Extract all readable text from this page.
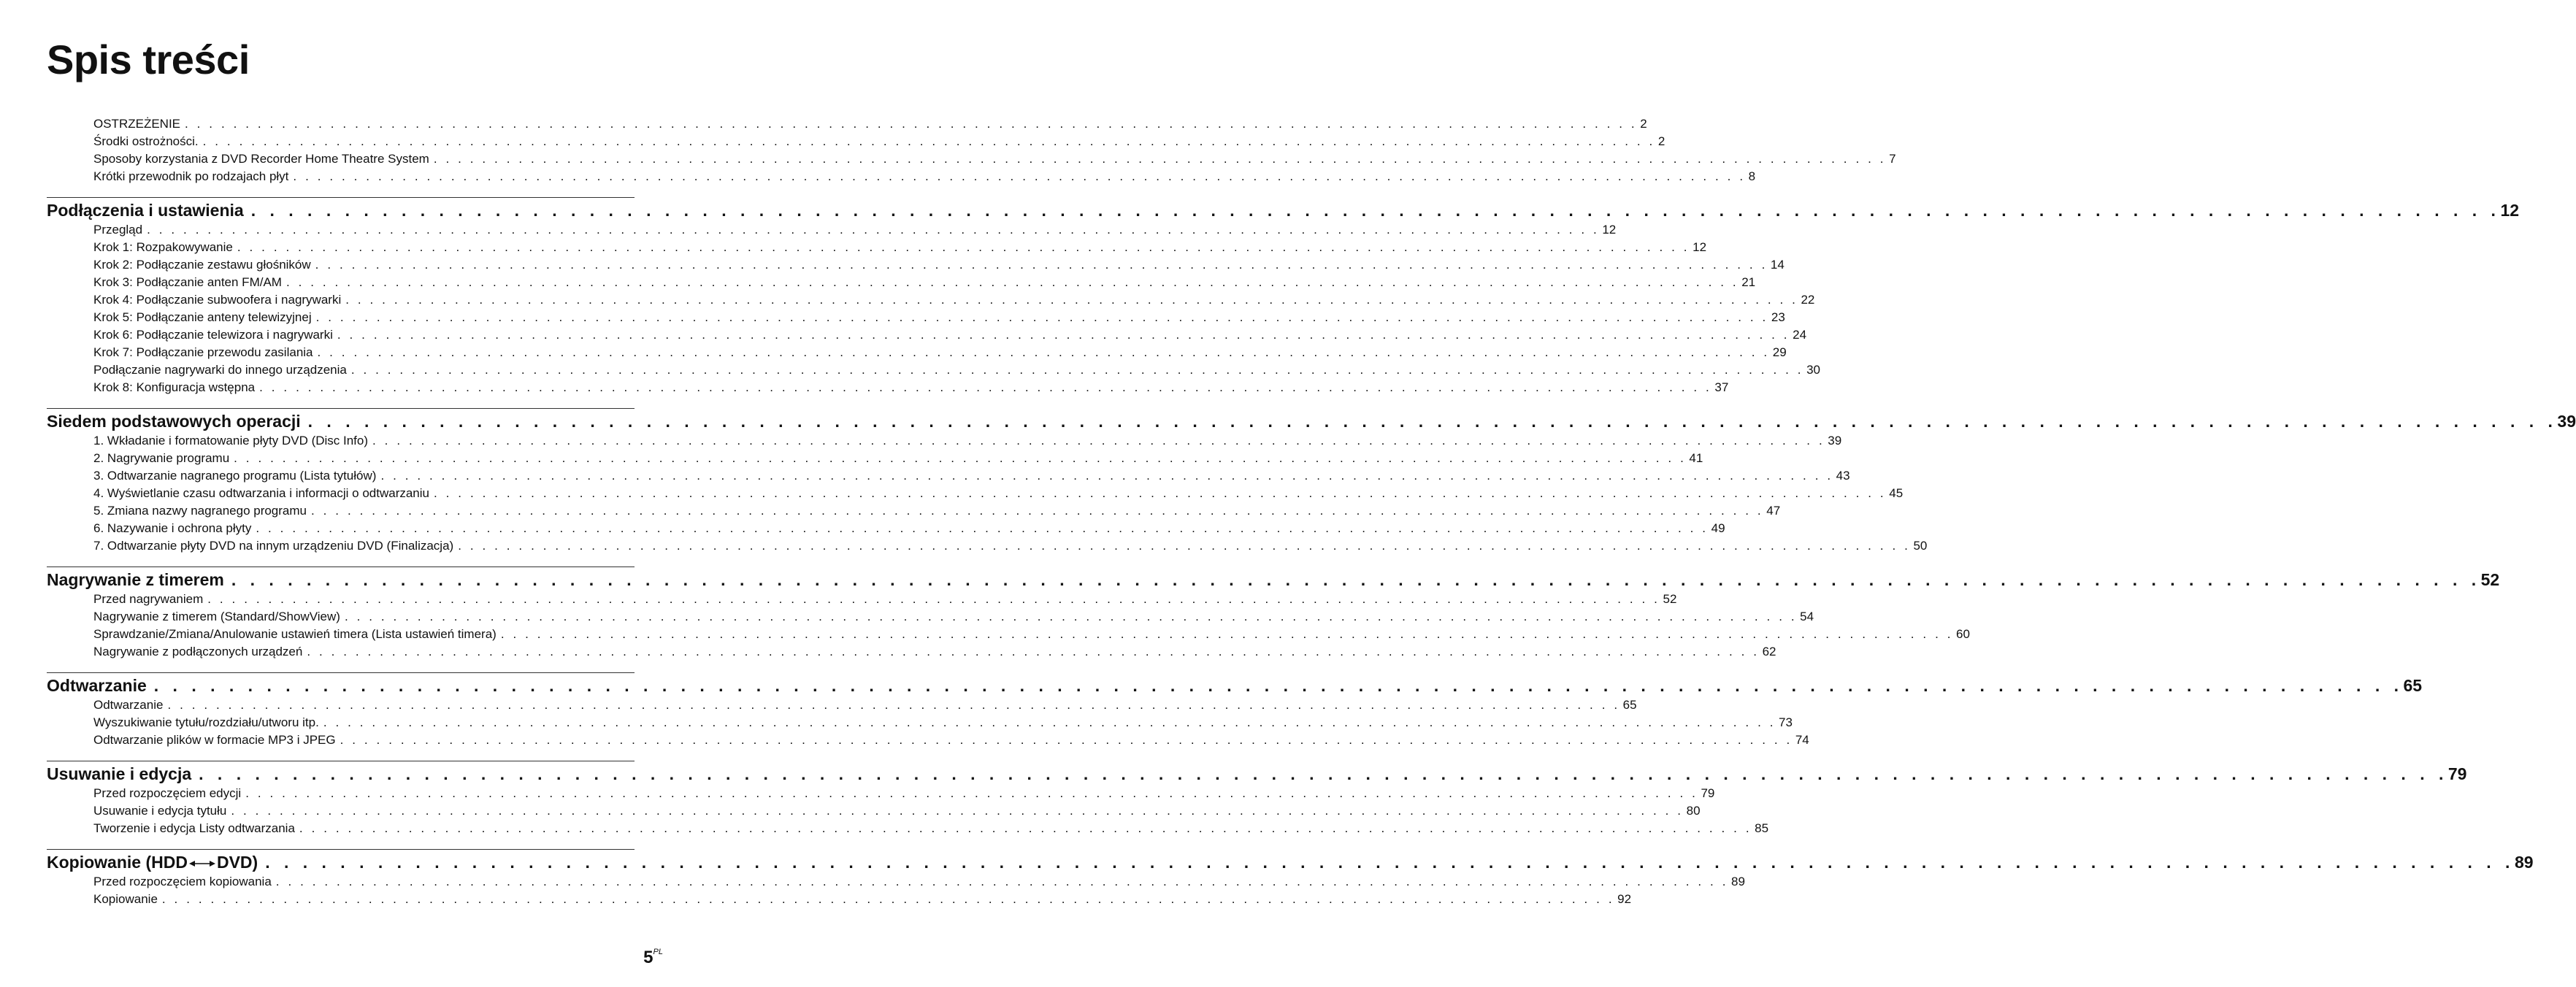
Spis treści
OSTRZEŻENIE . . . . . . . . . . . . . . . . . . . . . . . . . . . . . . . . . . . . . . . . . . . . . . . . . . . . . . . . . . . . . . . . . . . . . . . . . . . . . . . . . . . . . . . . . . . . . . . . . . . . . . . . . . . . . . . . . . . . . . . . 2
Środki ostrożności. . . . . . . . . . . . . . . . . . . . . . . . . . . . . . . . . . . . . . . . . . . . . . . . . . . . . . . . . . . . . . . . . . . . . . . . . . . . . . . . . . . . . . . . . . . . . . . . . . . . . . . . . . . . . . . . . . . . . . . . . 2
Sposoby korzystania z DVD Recorder Home Theatre System . . . . . . . . . . . . . . . . . . . . . . . . . . . . . . . . . . . . . . . . . . . . . . . . . . . . . . . . . . . . . . . . . . . . . . . . . . . . . . . . . . . . . . . . . . . . . . . . . . . . . . . . . . . . . . . . . . . . . . . . 7
Krótki przewodnik po rodzajach płyt . . . . . . . . . . . . . . . . . . . . . . . . . . . . . . . . . . . . . . . . . . . . . . . . . . . . . . . . . . . . . . . . . . . . . . . . . . . . . . . . . . . . . . . . . . . . . . . . . . . . . . . . . . . . . . . . . . . . . . . . 8
Podłączenia i ustawienia . . . . . . . . . . . . . . . . . . . . . . . . . . . . . . . . . . . . . . . . . . . . . . . . . . . . . . . . . . . . . . . . . . . . . . . . . . . . . . . . . . . . . . . . . . . . . . . . . . . . . . . . . . . . . . . . . . . . . . . . 12
Przegląd . . . . . . . . . . . . . . . . . . . . . . . . . . . . . . . . . . . . . . . . . . . . . . . . . . . . . . . . . . . . . . . . . . . . . . . . . . . . . . . . . . . . . . . . . . . . . . . . . . . . . . . . . . . . . . . . . . . . . . . . 12
Krok 1: Rozpakowywanie . . . . . . . . . . . . . . . . . . . . . . . . . . . . . . . . . . . . . . . . . . . . . . . . . . . . . . . . . . . . . . . . . . . . . . . . . . . . . . . . . . . . . . . . . . . . . . . . . . . . . . . . . . . . . . . . . . . . . . . . 12
Krok 2: Podłączanie zestawu głośników . . . . . . . . . . . . . . . . . . . . . . . . . . . . . . . . . . . . . . . . . . . . . . . . . . . . . . . . . . . . . . . . . . . . . . . . . . . . . . . . . . . . . . . . . . . . . . . . . . . . . . . . . . . . . . . . . . . . . . . . 14
Krok 3: Podłączanie anten FM/AM . . . . . . . . . . . . . . . . . . . . . . . . . . . . . . . . . . . . . . . . . . . . . . . . . . . . . . . . . . . . . . . . . . . . . . . . . . . . . . . . . . . . . . . . . . . . . . . . . . . . . . . . . . . . . . . . . . . . . . . . 21
Krok 4: Podłączanie subwoofera i nagrywarki . . . . . . . . . . . . . . . . . . . . . . . . . . . . . . . . . . . . . . . . . . . . . . . . . . . . . . . . . . . . . . . . . . . . . . . . . . . . . . . . . . . . . . . . . . . . . . . . . . . . . . . . . . . . . . . . . . . . . . . . 22
Krok 5: Podłączanie anteny telewizyjnej . . . . . . . . . . . . . . . . . . . . . . . . . . . . . . . . . . . . . . . . . . . . . . . . . . . . . . . . . . . . . . . . . . . . . . . . . . . . . . . . . . . . . . . . . . . . . . . . . . . . . . . . . . . . . . . . . . . . . . . . 23
Krok 6: Podłączanie telewizora i nagrywarki . . . . . . . . . . . . . . . . . . . . . . . . . . . . . . . . . . . . . . . . . . . . . . . . . . . . . . . . . . . . . . . . . . . . . . . . . . . . . . . . . . . . . . . . . . . . . . . . . . . . . . . . . . . . . . . . . . . . . . . . 24
Krok 7: Podłączanie przewodu zasilania . . . . . . . . . . . . . . . . . . . . . . . . . . . . . . . . . . . . . . . . . . . . . . . . . . . . . . . . . . . . . . . . . . . . . . . . . . . . . . . . . . . . . . . . . . . . . . . . . . . . . . . . . . . . . . . . . . . . . . . . 29
Podłączanie nagrywarki do innego urządzenia . . . . . . . . . . . . . . . . . . . . . . . . . . . . . . . . . . . . . . . . . . . . . . . . . . . . . . . . . . . . . . . . . . . . . . . . . . . . . . . . . . . . . . . . . . . . . . . . . . . . . . . . . . . . . . . . . . . . . . . . 30
Krok 8: Konfiguracja wstępna . . . . . . . . . . . . . . . . . . . . . . . . . . . . . . . . . . . . . . . . . . . . . . . . . . . . . . . . . . . . . . . . . . . . . . . . . . . . . . . . . . . . . . . . . . . . . . . . . . . . . . . . . . . . . . . . . . . . . . . . 37
Siedem podstawowych operacji . . . . . . . . . . . . . . . . . . . . . . . . . . . . . . . . . . . . . . . . . . . . . . . . . . . . . . . . . . . . . . . . . . . . . . . . . . . . . . . . . . . . . . . . . . . . . . . . . . . . . . . . . . . . . . . . . . . . . . . . 39
1. Wkładanie i formatowanie płyty DVD (Disc Info) . . . . . . . . . . . . . . . . . . . . . . . . . . . . . . . . . . . . . . . . . . . . . . . . . . . . . . . . . . . . . . . . . . . . . . . . . . . . . . . . . . . . . . . . . . . . . . . . . . . . . . . . . . . . . . . . . . . . . . . . 39
2. Nagrywanie programu . . . . . . . . . . . . . . . . . . . . . . . . . . . . . . . . . . . . . . . . . . . . . . . . . . . . . . . . . . . . . . . . . . . . . . . . . . . . . . . . . . . . . . . . . . . . . . . . . . . . . . . . . . . . . . . . . . . . . . . . 41
3. Odtwarzanie nagranego programu (Lista tytułów) . . . . . . . . . . . . . . . . . . . . . . . . . . . . . . . . . . . . . . . . . . . . . . . . . . . . . . . . . . . . . . . . . . . . . . . . . . . . . . . . . . . . . . . . . . . . . . . . . . . . . . . . . . . . . . . . . . . . . . . . 43
4. Wyświetlanie czasu odtwarzania i informacji o odtwarzaniu . . . . . . . . . . . . . . . . . . . . . . . . . . . . . . . . . . . . . . . . . . . . . . . . . . . . . . . . . . . . . . . . . . . . . . . . . . . . . . . . . . . . . . . . . . . . . . . . . . . . . . . . . . . . . . . . . . . . . . . . 45
5. Zmiana nazwy nagranego programu . . . . . . . . . . . . . . . . . . . . . . . . . . . . . . . . . . . . . . . . . . . . . . . . . . . . . . . . . . . . . . . . . . . . . . . . . . . . . . . . . . . . . . . . . . . . . . . . . . . . . . . . . . . . . . . . . . . . . . . . 47
6. Nazywanie i ochrona płyty . . . . . . . . . . . . . . . . . . . . . . . . . . . . . . . . . . . . . . . . . . . . . . . . . . . . . . . . . . . . . . . . . . . . . . . . . . . . . . . . . . . . . . . . . . . . . . . . . . . . . . . . . . . . . . . . . . . . . . . . 49
7. Odtwarzanie płyty DVD na innym urządzeniu DVD (Finalizacja) . . . . . . . . . . . . . . . . . . . . . . . . . . . . . . . . . . . . . . . . . . . . . . . . . . . . . . . . . . . . . . . . . . . . . . . . . . . . . . . . . . . . . . . . . . . . . . . . . . . . . . . . . . . . . . . . . . . . . . . . 50
Nagrywanie z timerem . . . . . . . . . . . . . . . . . . . . . . . . . . . . . . . . . . . . . . . . . . . . . . . . . . . . . . . . . . . . . . . . . . . . . . . . . . . . . . . . . . . . . . . . . . . . . . . . . . . . . . . . . . . . . . . . . . . . . . . . 52
Przed nagrywaniem . . . . . . . . . . . . . . . . . . . . . . . . . . . . . . . . . . . . . . . . . . . . . . . . . . . . . . . . . . . . . . . . . . . . . . . . . . . . . . . . . . . . . . . . . . . . . . . . . . . . . . . . . . . . . . . . . . . . . . . . 52
Nagrywanie z timerem (Standard/ShowView) . . . . . . . . . . . . . . . . . . . . . . . . . . . . . . . . . . . . . . . . . . . . . . . . . . . . . . . . . . . . . . . . . . . . . . . . . . . . . . . . . . . . . . . . . . . . . . . . . . . . . . . . . . . . . . . . . . . . . . . . 54
Sprawdzanie/Zmiana/Anulowanie ustawień timera (Lista ustawień timera) . . . . . . . . . . . . . . . . . . . . . . . . . . . . . . . . . . . . . . . . . . . . . . . . . . . . . . . . . . . . . . . . . . . . . . . . . . . . . . . . . . . . . . . . . . . . . . . . . . . . . . . . . . . . . . . . . . . . . . . . 60
Nagrywanie z podłączonych urządzeń . . . . . . . . . . . . . . . . . . . . . . . . . . . . . . . . . . . . . . . . . . . . . . . . . . . . . . . . . . . . . . . . . . . . . . . . . . . . . . . . . . . . . . . . . . . . . . . . . . . . . . . . . . . . . . . . . . . . . . . . 62
Odtwarzanie . . . . . . . . . . . . . . . . . . . . . . . . . . . . . . . . . . . . . . . . . . . . . . . . . . . . . . . . . . . . . . . . . . . . . . . . . . . . . . . . . . . . . . . . . . . . . . . . . . . . . . . . . . . . . . . . . . . . . . . . 65
Odtwarzanie . . . . . . . . . . . . . . . . . . . . . . . . . . . . . . . . . . . . . . . . . . . . . . . . . . . . . . . . . . . . . . . . . . . . . . . . . . . . . . . . . . . . . . . . . . . . . . . . . . . . . . . . . . . . . . . . . . . . . . . . 65
Wyszukiwanie tytułu/rozdziału/utworu itp. . . . . . . . . . . . . . . . . . . . . . . . . . . . . . . . . . . . . . . . . . . . . . . . . . . . . . . . . . . . . . . . . . . . . . . . . . . . . . . . . . . . . . . . . . . . . . . . . . . . . . . . . . . . . . . . . . . . . . . . . 73
Odtwarzanie plików w formacie MP3 i JPEG . . . . . . . . . . . . . . . . . . . . . . . . . . . . . . . . . . . . . . . . . . . . . . . . . . . . . . . . . . . . . . . . . . . . . . . . . . . . . . . . . . . . . . . . . . . . . . . . . . . . . . . . . . . . . . . . . . . . . . . . 74
Usuwanie i edycja . . . . . . . . . . . . . . . . . . . . . . . . . . . . . . . . . . . . . . . . . . . . . . . . . . . . . . . . . . . . . . . . . . . . . . . . . . . . . . . . . . . . . . . . . . . . . . . . . . . . . . . . . . . . . . . . . . . . . . . . 79
Przed rozpoczęciem edycji . . . . . . . . . . . . . . . . . . . . . . . . . . . . . . . . . . . . . . . . . . . . . . . . . . . . . . . . . . . . . . . . . . . . . . . . . . . . . . . . . . . . . . . . . . . . . . . . . . . . . . . . . . . . . . . . . . . . . . . . 79
Usuwanie i edycja tytułu . . . . . . . . . . . . . . . . . . . . . . . . . . . . . . . . . . . . . . . . . . . . . . . . . . . . . . . . . . . . . . . . . . . . . . . . . . . . . . . . . . . . . . . . . . . . . . . . . . . . . . . . . . . . . . . . . . . . . . . . 80
Tworzenie i edycja Listy odtwarzania . . . . . . . . . . . . . . . . . . . . . . . . . . . . . . . . . . . . . . . . . . . . . . . . . . . . . . . . . . . . . . . . . . . . . . . . . . . . . . . . . . . . . . . . . . . . . . . . . . . . . . . . . . . . . . . . . . . . . . . . 85
Kopiowanie (HDD DVD) . . . . . . . . . . . . . . . . . . . . . . . . . . . . . . . . . . . . . . . . . . . . . . . . . . . . . . . . . . . . . . . . . . . . . . . . . . . . . . . . . . . . . . . . . . . . . . . . . . . . . . . . . . . . . . . . . . . . . . . . 89
Przed rozpoczęciem kopiowania . . . . . . . . . . . . . . . . . . . . . . . . . . . . . . . . . . . . . . . . . . . . . . . . . . . . . . . . . . . . . . . . . . . . . . . . . . . . . . . . . . . . . . . . . . . . . . . . . . . . . . . . . . . . . . . . . . . . . . . . 89
Kopiowanie . . . . . . . . . . . . . . . . . . . . . . . . . . . . . . . . . . . . . . . . . . . . . . . . . . . . . . . . . . . . . . . . . . . . . . . . . . . . . . . . . . . . . . . . . . . . . . . . . . . . . . . . . . . . . . . . . . . . . . . . 92
$5^{PL}$
